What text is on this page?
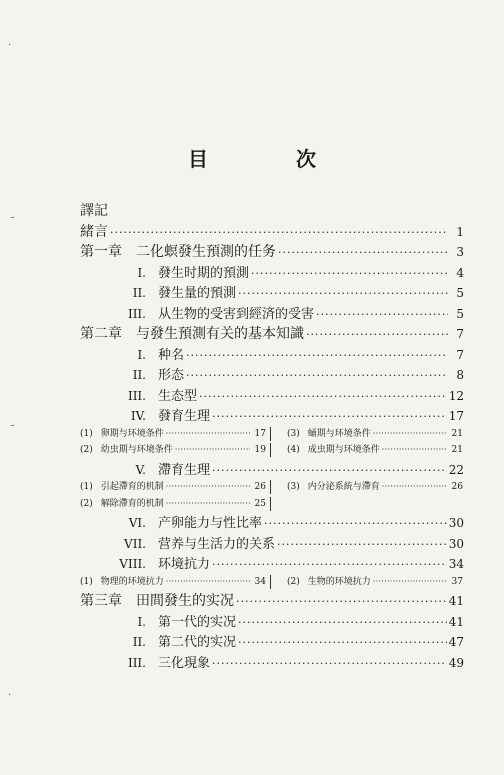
·
–
–
·
目　次
譯記
緒言 ·····	1
第一章　二化螟發生預測的任务 ·····	3
I. 發生时期的預測 ·····	4
II. 發生量的預測 ·····	5
III. 从生物的受害到經済的受害 ·····	5
第二章　与發生預測有关的基本知識 ·····	7
I. 种名 ·····	7
II. 形态 ·····	8
III. 生态型 ·····	12
IV. 發育生理 ·····	17
(1) 卵期与环境条件 ·····	17 (3) 蛹期与环境条件 ·····	21
(2) 幼虫期与环境条件 ·····	19 (4) 成虫期与环境条件 ·····	21
V. 滯育生理 ·····	22
(1) 引起滯育的机制 ·····	26 (3) 内分泌系統与滯育 ·····	26
(2) 解除滯育的机制 ·····	25
VI. 产卵能力与性比率 ·····	30
VII. 营养与生活力的关系 ·····	30
VIII. 环境抗力 ·····	34
(1) 物理的环境抗力 ·····	34 (2) 生物的环境抗力 ·····	37
第三章　田間發生的实况 ·····	41
I. 第一代的实况 ·····	41
II. 第二代的实况 ·····	47
III. 三化現象 ·····	49
